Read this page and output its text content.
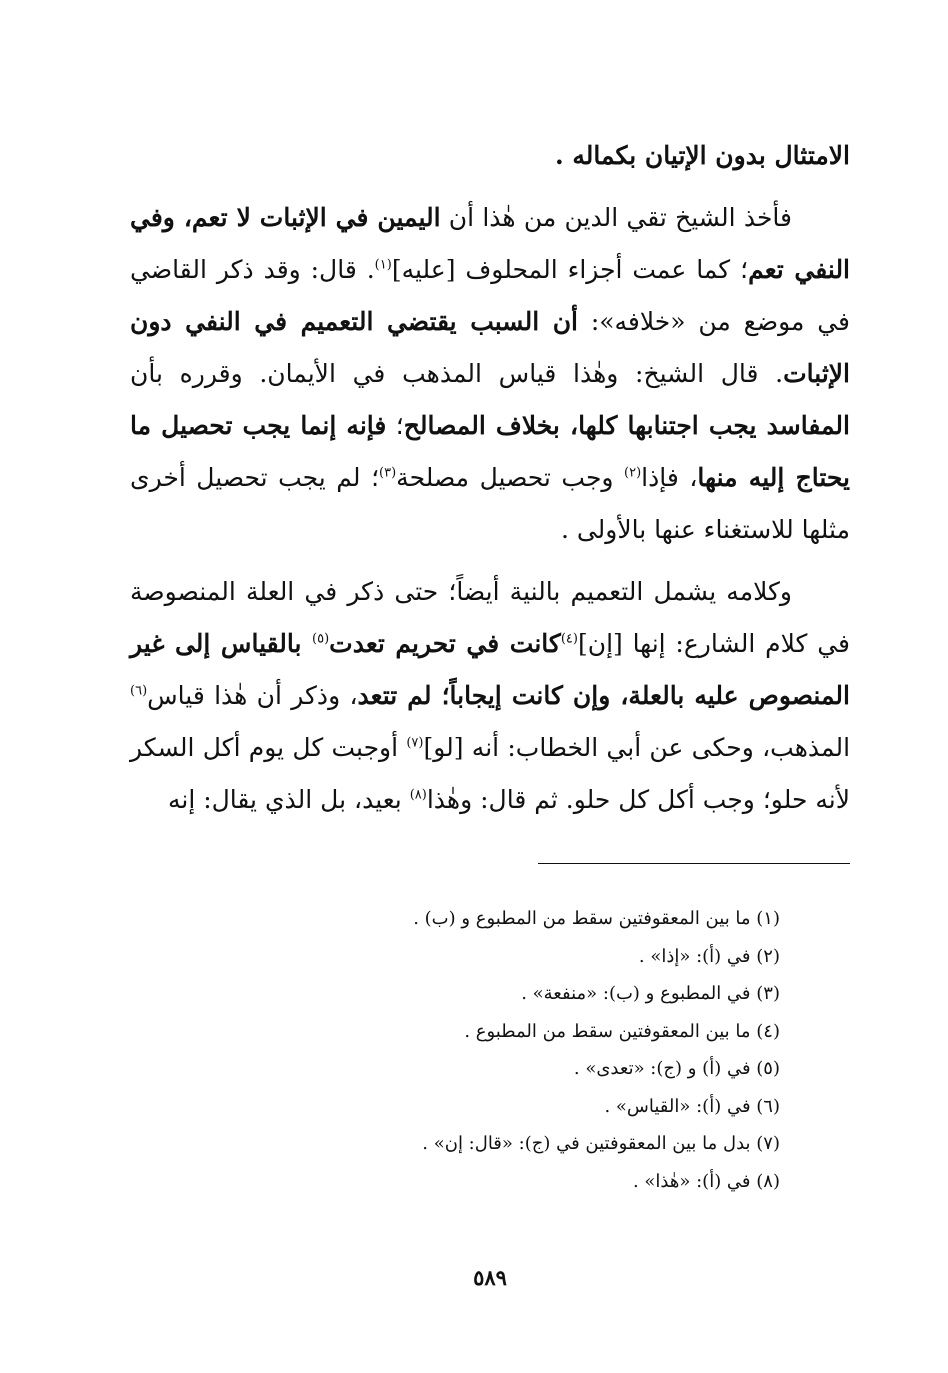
الامتثال بدون الإتيان بكماله .

فأخذ الشيخ تقي الدين من هٰذا أن اليمين في الإثبات لا تعم، وفي النفي تعم؛ كما عمت أجزاء المحلوف [عليه]$^{(١)}$. قال: وقد ذكر القاضي في موضع من «خلافه»: أن السبب يقتضي التعميم في النفي دون الإثبات. قال الشيخ: وهٰذا قياس المذهب في الأيمان. وقرره بأن المفاسد يجب اجتنابها كلها، بخلاف المصالح؛ فإنه إنما يجب تحصيل ما يحتاج إليه منها، فإذا$^{(٢)}$ وجب تحصيل مصلحة$^{(٣)}$؛ لم يجب تحصيل أخرى مثلها للاستغناء عنها بالأولى .

وكلامه يشمل التعميم بالنية أيضاً؛ حتى ذكر في العلة المنصوصة في كلام الشارع: إنها [إن]$^{(٤)}$كانت في تحريم تعدت$^{(٥)}$ بالقياس إلى غير المنصوص عليه بالعلة، وإن كانت إيجاباً؛ لم تتعد، وذكر أن هٰذا قياس$^{(٦)}$ المذهب، وحكى عن أبي الخطاب: أنه [لو]$^{(٧)}$ أوجبت كل يوم أكل السكر لأنه حلو؛ وجب أكل كل حلو. ثم قال: وهٰذا$^{(٨)}$ بعيد، بل الذي يقال: إنه

(١) ما بين المعقوفتين سقط من المطبوع و (ب) .
(٢) في (أ): «إذا» .
(٣) في المطبوع و (ب): «منفعة» .
(٤) ما بين المعقوفتين سقط من المطبوع .
(٥) في (أ) و (ج): «تعدى» .
(٦) في (أ): «القياس» .
(٧) بدل ما بين المعقوفتين في (ج): «قال: إن» .
(٨) في (أ): «هٰذا» .
٥٨٩
